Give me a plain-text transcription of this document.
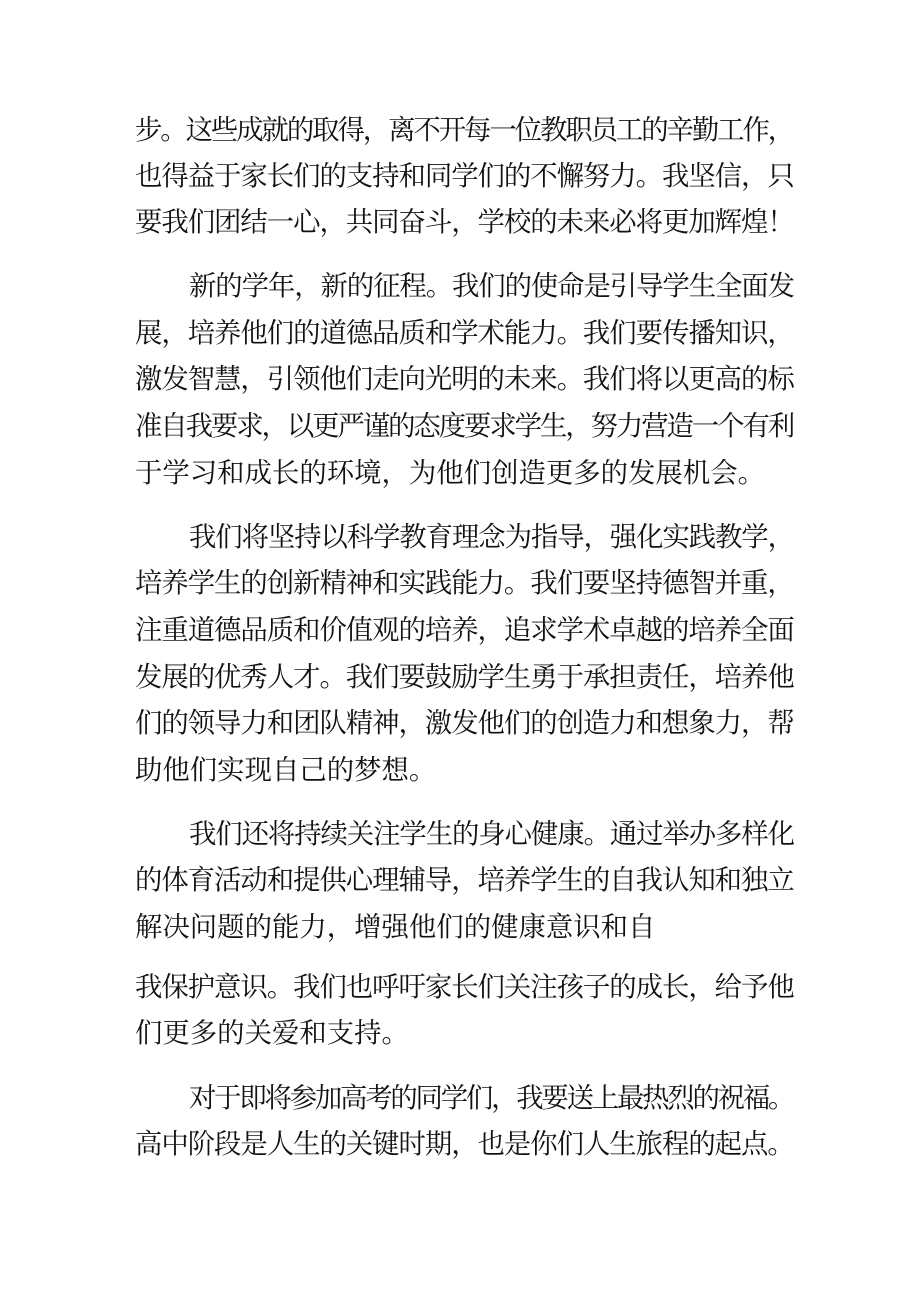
步。这些成就的取得，离不开每一位教职员工的辛勤工作，
也得益于家长们的支持和同学们的不懈努力。我坚信，只
要我们团结一心，共同奋斗，学校的未来必将更加辉煌！
新的学年，新的征程。我们的使命是引导学生全面发
展，培养他们的道德品质和学术能力。我们要传播知识，
激发智慧，引领他们走向光明的未来。我们将以更高的标
准自我要求，以更严谨的态度要求学生，努力营造一个有利
于学习和成长的环境，为他们创造更多的发展机会。
我们将坚持以科学教育理念为指导，强化实践教学，
培养学生的创新精神和实践能力。我们要坚持德智并重，
注重道德品质和价值观的培养，追求学术卓越的培养全面
发展的优秀人才。我们要鼓励学生勇于承担责任，培养他
们的领导力和团队精神，激发他们的创造力和想象力，帮
助他们实现自己的梦想。
我们还将持续关注学生的身心健康。通过举办多样化
的体育活动和提供心理辅导，培养学生的自我认知和独立
解决问题的能力，增强他们的健康意识和自
我保护意识。我们也呼吁家长们关注孩子的成长，给予他
们更多的关爱和支持。
对于即将参加高考的同学们，我要送上最热烈的祝福。
高中阶段是人生的关键时期，也是你们人生旅程的起点。
